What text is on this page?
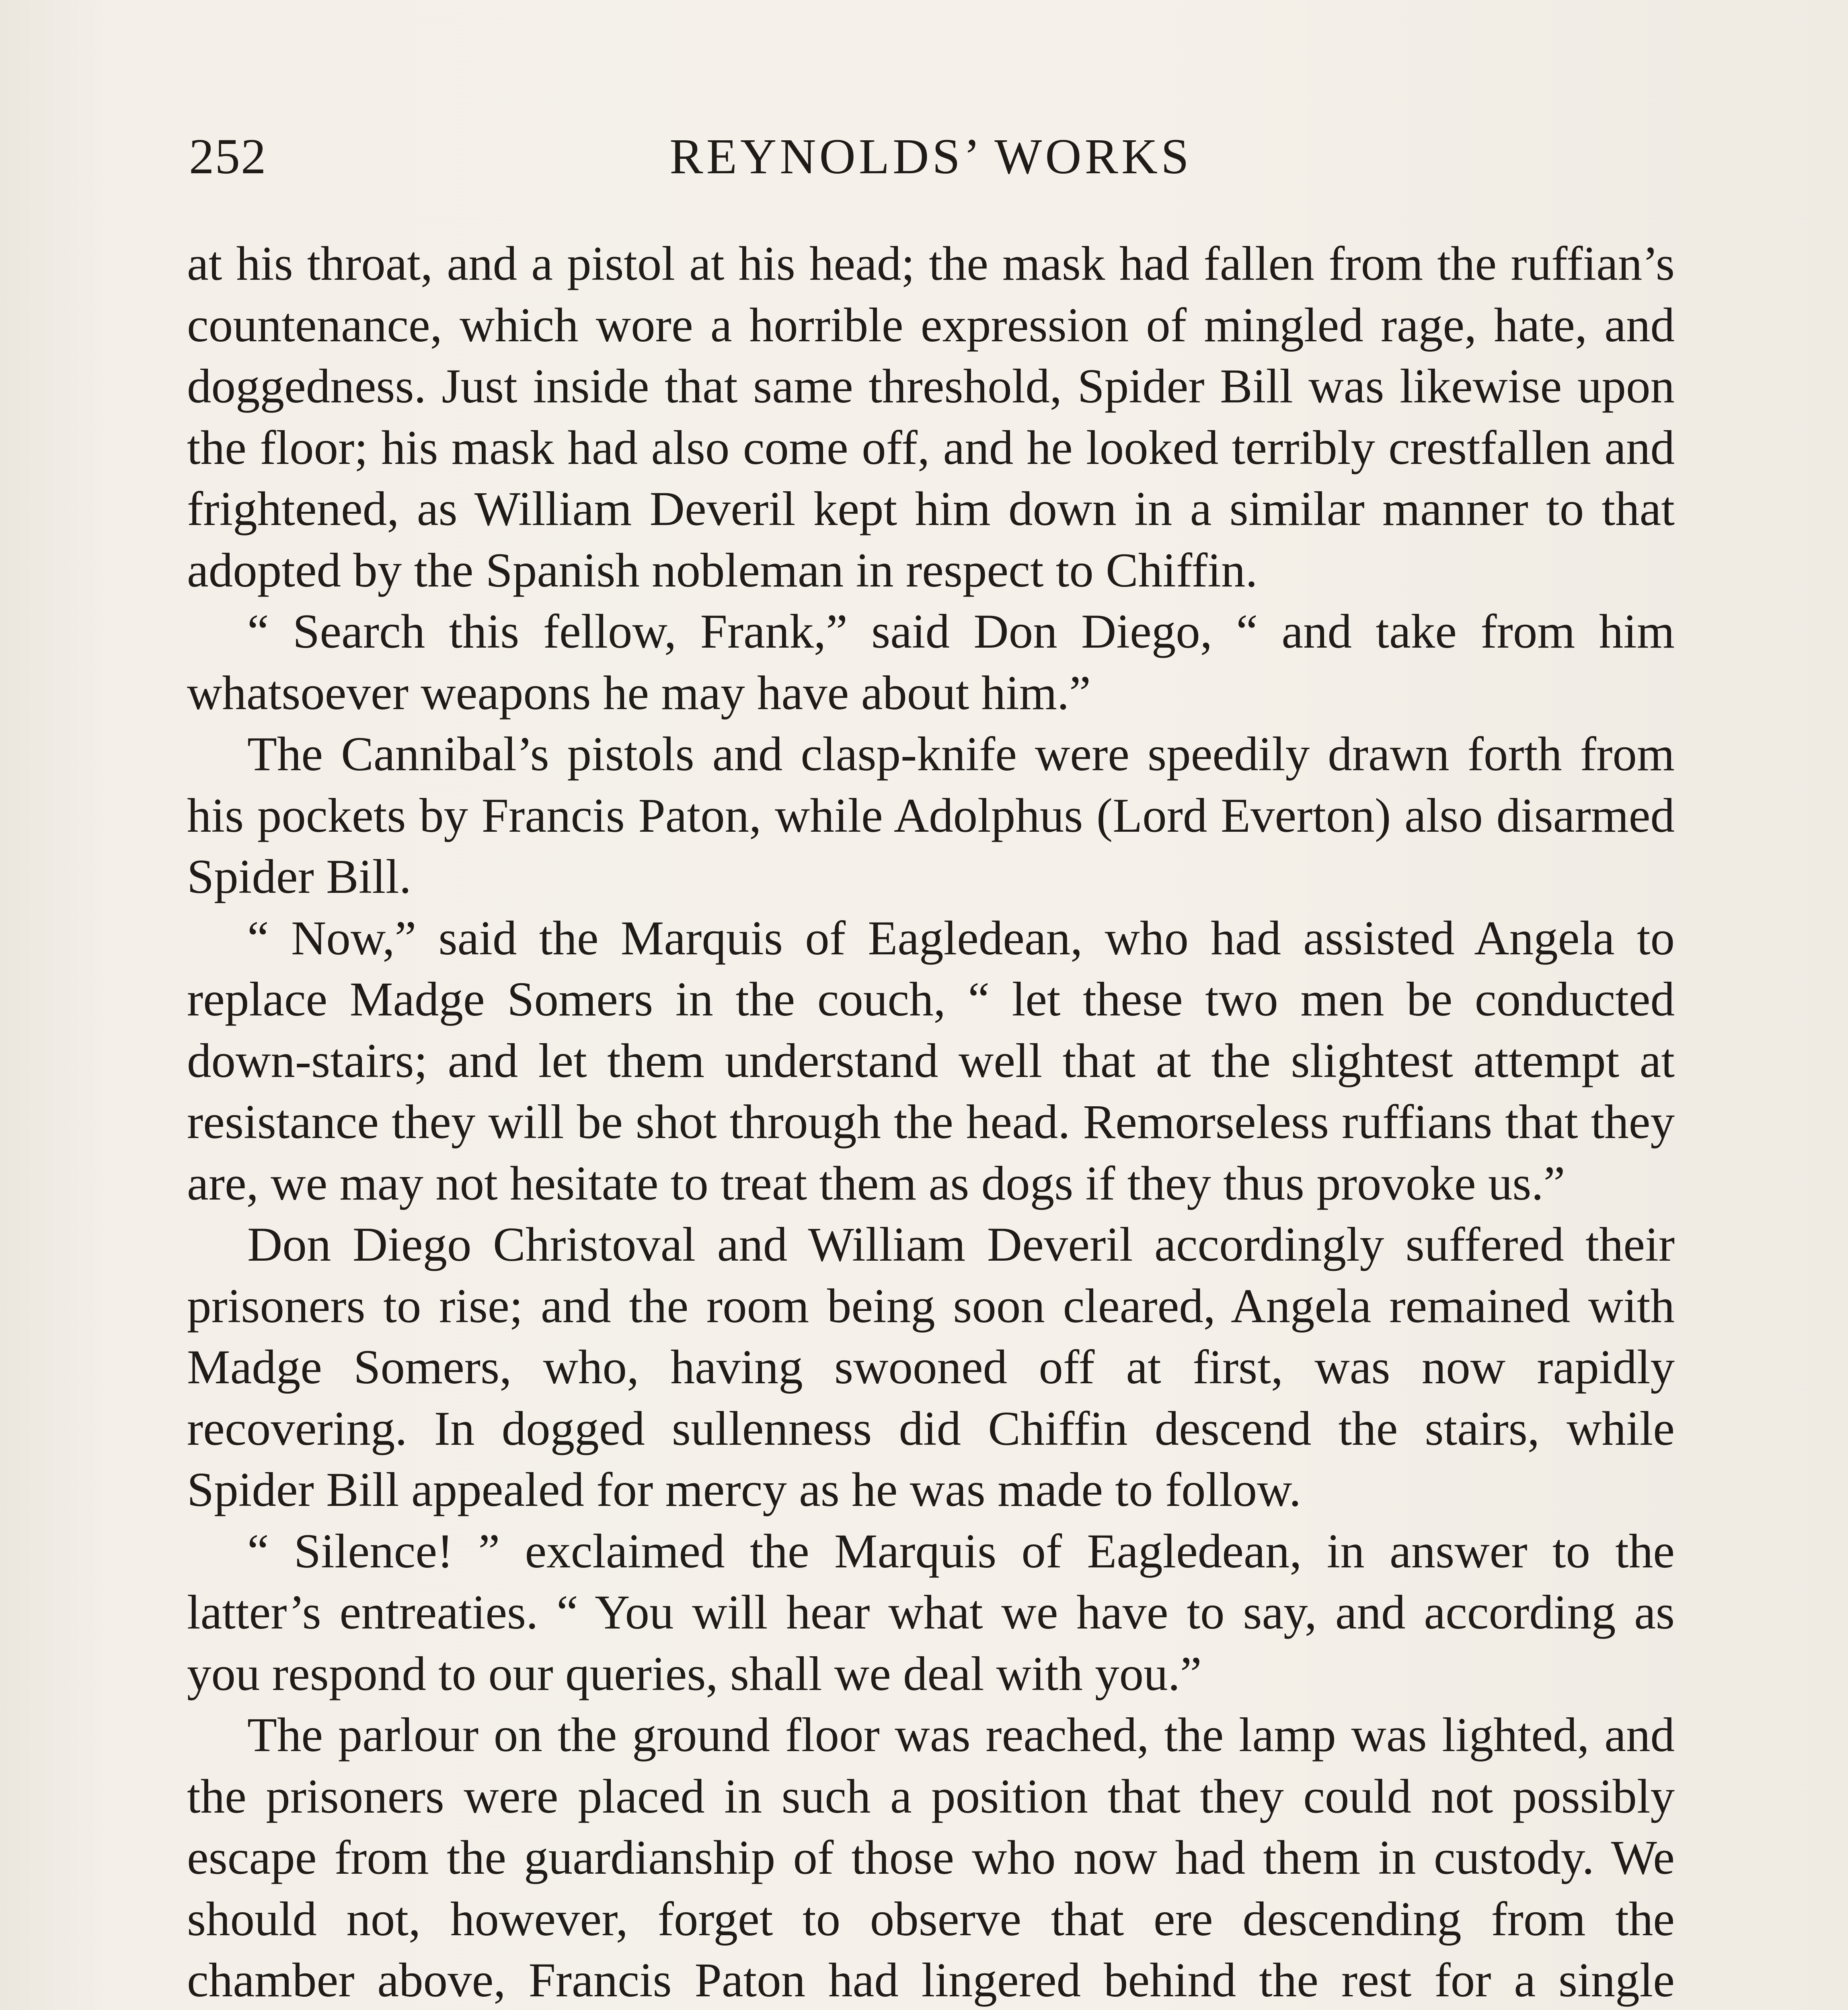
252	REYNOLDS’ WORKS

at his throat, and a pistol at his head; the mask had fallen from the ruffian’s countenance, which wore a horrible expression of mingled rage, hate, and doggedness. Just inside that same threshold, Spider Bill was likewise upon the floor; his mask had also come off, and he looked terribly crestfallen and frightened, as William Deveril kept him down in a similar manner to that adopted by the Spanish nobleman in respect to Chiffin.

“ Search this fellow, Frank,” said Don Diego, “ and take from him whatsoever weapons he may have about him.”

The Cannibal’s pistols and clasp-knife were speedily drawn forth from his pockets by Francis Paton, while Adolphus (Lord Everton) also disarmed Spider Bill.

“ Now,” said the Marquis of Eagledean, who had assisted Angela to replace Madge Somers in the couch, “ let these two men be conducted down-stairs; and let them understand well that at the slightest attempt at resistance they will be shot through the head. Remorseless ruffians that they are, we may not hesitate to treat them as dogs if they thus provoke us.”

Don Diego Christoval and William Deveril accordingly suffered their prisoners to rise; and the room being soon cleared, Angela remained with Madge Somers, who, having swooned off at first, was now rapidly recovering. In dogged sullenness did Chiffin descend the stairs, while Spider Bill appealed for mercy as he was made to follow.

“ Silence! ” exclaimed the Marquis of Eagledean, in answer to the latter’s entreaties. “ You will hear what we have to say, and according as you respond to our queries, shall we deal with you.”

The parlour on the ground floor was reached, the lamp was lighted, and the prisoners were placed in such a position that they could not possibly escape from the guardianship of those who now had them in custody. We should not, however, forget to observe that ere descending from the chamber above, Francis Paton had lingered behind the rest for a single
